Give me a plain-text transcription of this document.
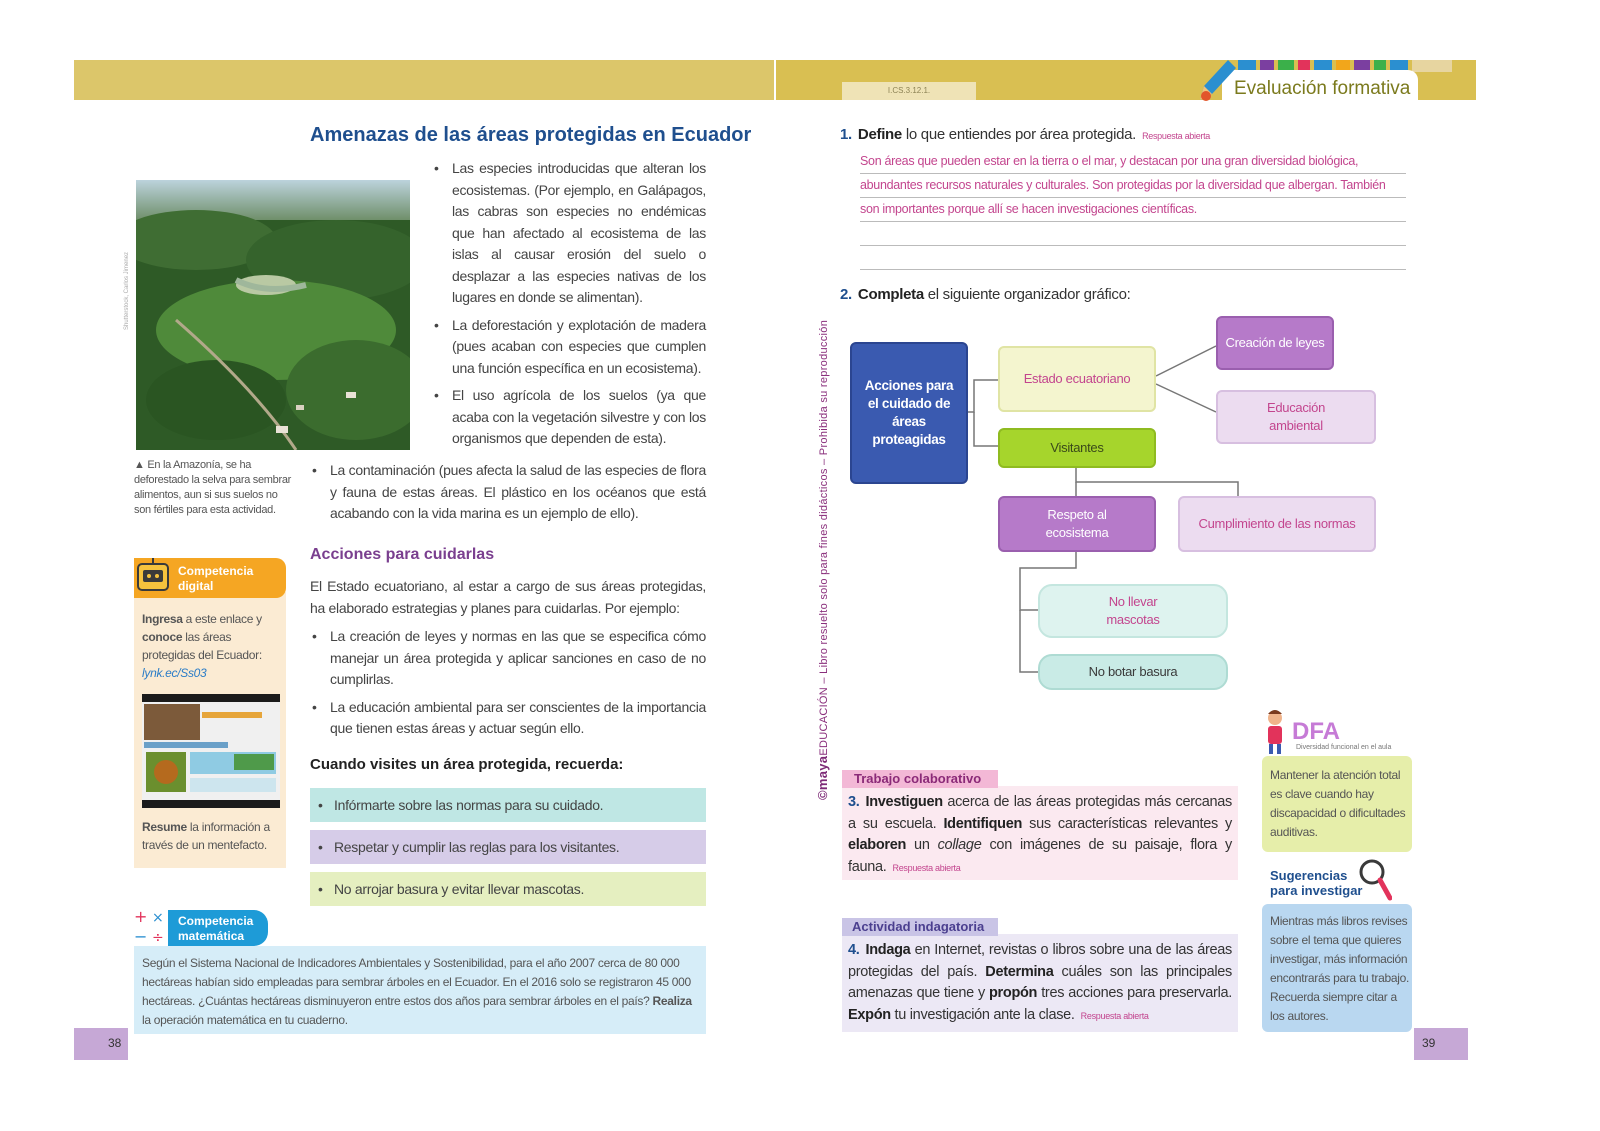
I.CS.3.12.1.	Evaluación formativa
Amenazas de las áreas protegidas en Ecuador
Shutterstock, Carlos Jimenez
▲ En la Amazonía, se ha deforestado la selva para sembrar alimentos, aun si sus suelos no son fértiles para esta actividad.
• Las especies introducidas que alteran los ecosistemas. (Por ejemplo, en Galápagos, las cabras son especies no endémicas que han afectado al ecosistema de las islas al causar erosión del suelo o desplazar a las especies nativas de los lugares en donde se alimentan).
• La deforestación y explotación de madera (pues acaban con especies que cumplen una función específica en un ecosistema).
• El uso agrícola de los suelos (ya que acaba con la vegetación silvestre y con los organismos que dependen de esta).
• La contaminación (pues afecta la salud de las especies de flora y fauna de estas áreas. El plástico en los océanos que está acabando con la vida marina es un ejemplo de ello).
Acciones para cuidarlas
El Estado ecuatoriano, al estar a cargo de sus áreas protegidas, ha elaborado estrategias y planes para cuidarlas. Por ejemplo:
• La creación de leyes y normas en las que se especifica cómo manejar un área protegida y aplicar sanciones en caso de no cumplirlas.
• La educación ambiental para ser conscientes de la importancia que tienen estas áreas y actuar según ello.
Cuando visites un área protegida, recuerda:
• Infórmarte sobre las normas para su cuidado.
• Respetar y cumplir las reglas para los visitantes.
• No arrojar basura y evitar llevar mascotas.
Competencia
digital
Ingresa a este enlace y conoce las áreas protegidas del Ecuador:
lynk.ec/Ss03
Resume la información a través de un mentefacto.
+ ×
− ÷
Competencia
matemática
Según el Sistema Nacional de Indicadores Ambientales y Sostenibilidad, para el año 2007 cerca de 80 000 hectáreas habían sido empleadas para sembrar árboles en el Ecuador. En el 2016 solo se registraron 45 000 hectáreas. ¿Cuántas hectáreas disminuyeron entre estos dos años para sembrar árboles en el país? Realiza la operación matemática en tu cuaderno.
38
©mayaEDUCACIÓN – Libro resuelto solo para fines didácticos – Prohibida su reproducción
1. Define lo que entiendes por área protegida. Respuesta abierta
Son áreas que pueden estar en la tierra o el mar, y destacan por una gran diversidad biológica,
abundantes recursos naturales y culturales. Son protegidas por la diversidad que albergan. También
son importantes porque allí se hacen investigaciones científicas.
2. Completa el siguiente organizador gráfico:
Acciones para el cuidado de áreas proteagidas
Estado ecuatoriano
Visitantes
Creación de leyes
Educación ambiental
Respeto al ecosistema
Cumplimiento de las normas
No llevar mascotas
No botar basura
Trabajo colaborativo
3. Investiguen acerca de las áreas protegidas más cercanas a su escuela. Identifiquen sus características relevantes y elaboren un collage con imágenes de su paisaje, flora y fauna. Respuesta abierta
Actividad indagatoria
4. Indaga en Internet, revistas o libros sobre una de las áreas protegidas del país. Determina cuáles son las principales amenazas que tiene y propón tres acciones para preservarla. Expón tu investigación ante la clase. Respuesta abierta
DFA
Diversidad funcional en el aula
Mantener la atención total es clave cuando hay discapacidad o dificultades auditivas.
Sugerencias
para investigar
Mientras más libros revises sobre el tema que quieres investigar, más información encontrarás para tu trabajo. Recuerda siempre citar a los autores.
39
